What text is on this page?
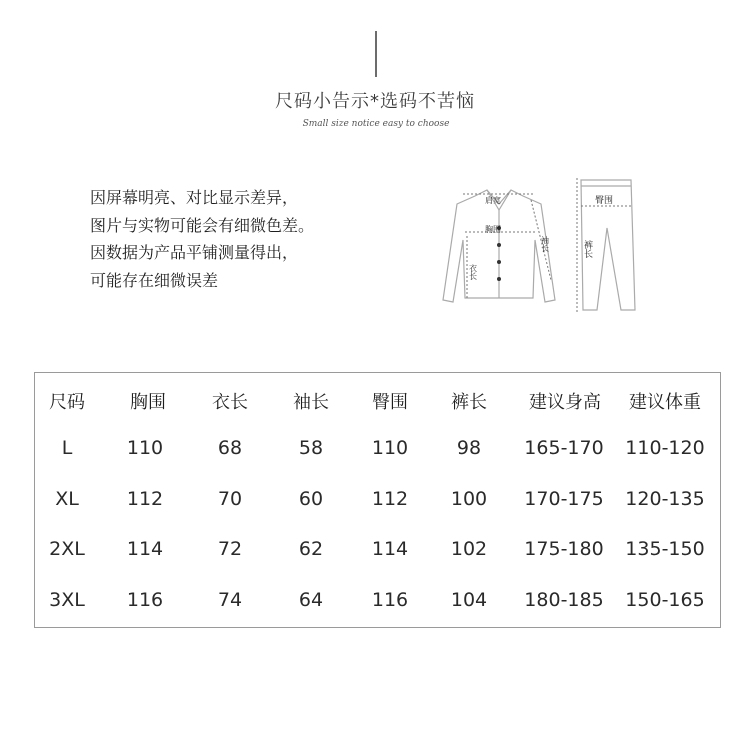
尺码小告示*选码不苦恼
Small size notice easy to choose
因屏幕明亮、对比显示差异，
图片与实物可能会有细微色差。
因数据为产品平铺测量得出，
可能存在细微误差
肩宽
胸围
衣长
袖长
臀围
裤长
尺码	胸围	衣长	袖长 臀围 裤长 建议身高 建议体重
L	110	68	58	110	98 165-170 110-120
XL	112	70	60	112 100 170-175 120-135
2XL 114	72	62	114 102 175-180 135-150
3XL 116	74	64	116 104 180-185 150-165
